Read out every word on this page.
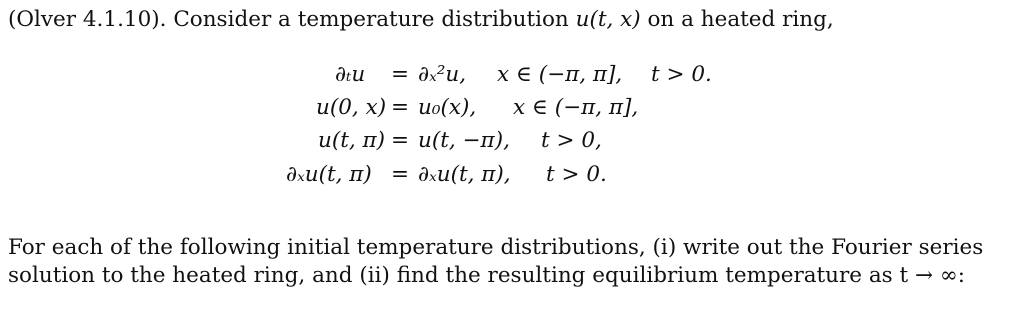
(Olver 4.1.10). Consider a temperature distribution u(t, x) on a heated ring,
∂ₜu = ∂ₓ²u, x ∈ (−π, π], t > 0.
u(0, x) = u₀(x), x ∈ (−π, π],
u(t, π) = u(t, −π), t > 0,
∂ₓu(t, π) = ∂ₓu(t, π), t > 0.

For each of the following initial temperature distributions, (i) write out the Fourier series

solution to the heated ring, and (ii) find the resulting equilibrium temperature as t → ∞:
